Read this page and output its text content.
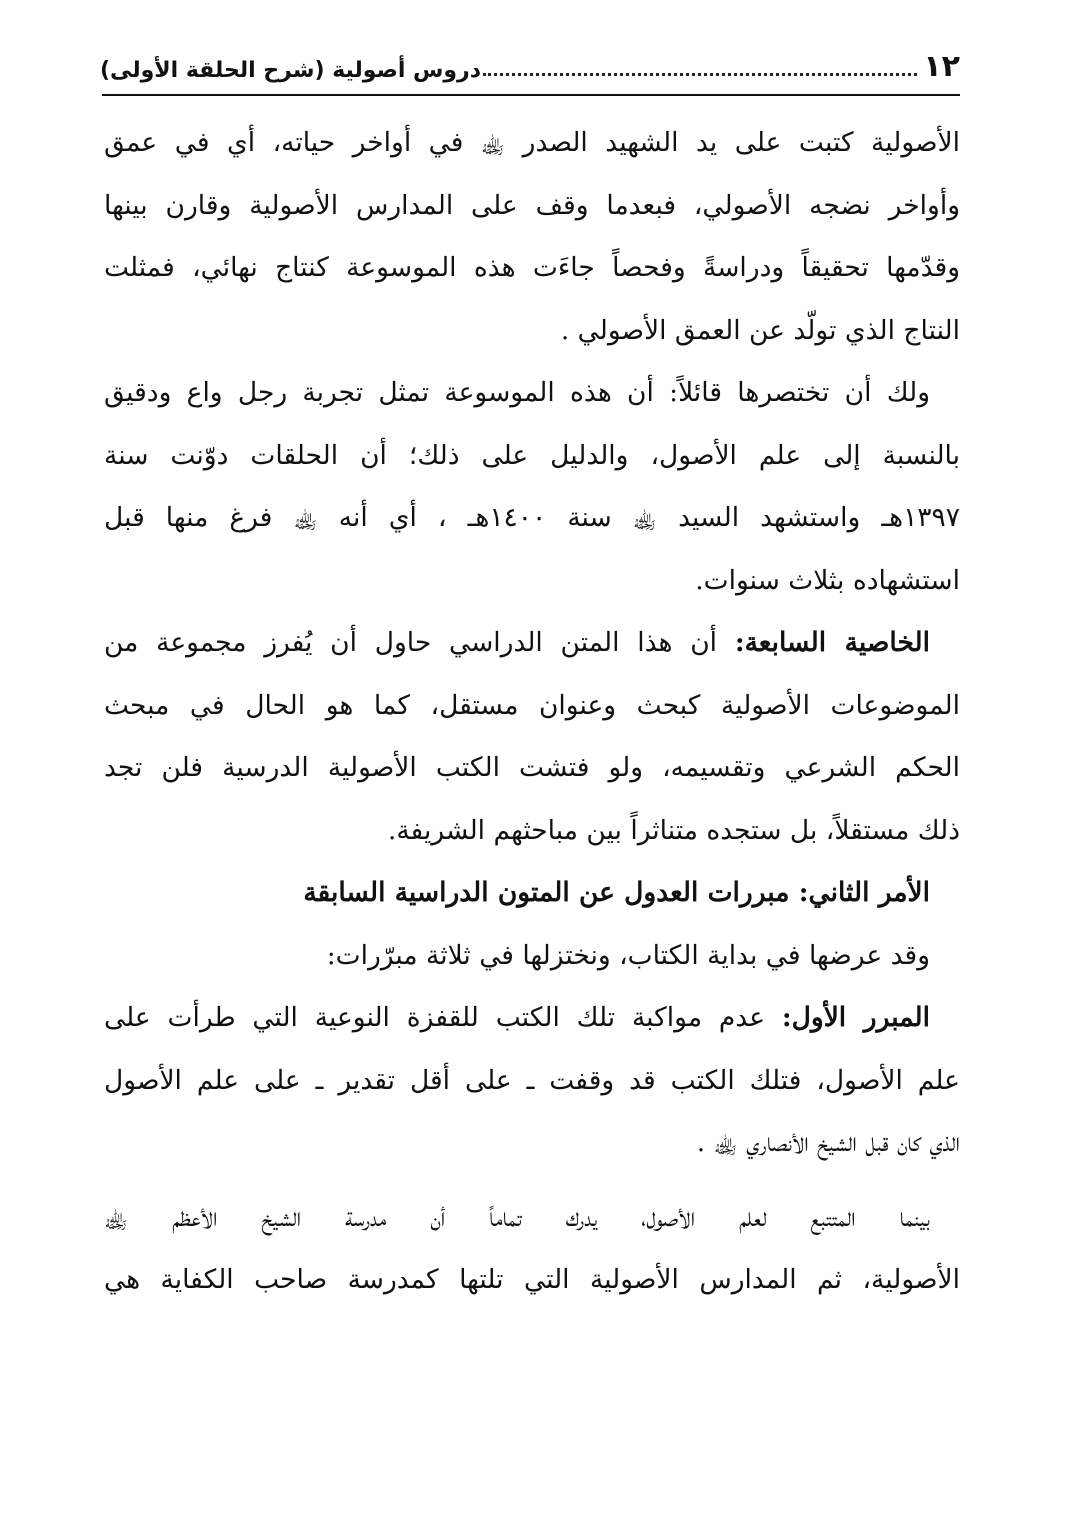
١٢
دروس أصولية (شرح الحلقة الأولى)
الأصولية كتبت على يد الشهيد الصدر ﵀ في أواخر حياته، أي في عمق
وأواخر نضجه الأصولي، فبعدما وقف على المدارس الأصولية وقارن بينها
وقدّمها تحقيقاً ودراسةً وفحصاً جاءَت هذه الموسوعة كنتاج نهائي، فمثلت
النتاج الذي تولّد عن العمق الأصولي .
ولك أن تختصرها قائلاً: أن هذه الموسوعة تمثل تجربة رجل واع ودقيق
بالنسبة إلى علم الأصول، والدليل على ذلك؛ أن الحلقات دوّنت سنة
١٣٩٧هـ واستشهد السيد ﵀ سنة ١٤٠٠هـ ، أي أنه ﵀ فرغ منها قبل
استشهاده بثلاث سنوات.
الخاصية السابعة: أن هذا المتن الدراسي حاول أن يُفرز مجموعة من
الموضوعات الأصولية كبحث وعنوان مستقل، كما هو الحال في مبحث
الحكم الشرعي وتقسيمه، ولو فتشت الكتب الأصولية الدرسية فلن تجد
ذلك مستقلاً، بل ستجده متناثراً بين مباحثهم الشريفة.
الأمر الثاني: مبررات العدول عن المتون الدراسية السابقة
وقد عرضها في بداية الكتاب، ونختزلها في ثلاثة مبرّرات:
المبرر الأول: عدم مواكبة تلك الكتب للقفزة النوعية التي طرأت على
علم الأصول، فتلك الكتب قد وقفت ـ على أقل تقدير ـ على علم الأصول
الذي كان قبل الشيخ الأنصاري ﵀ .
بينما المتتبع لعلم الأصول، يدرك تماماً أن مدرسة الشيخ الأعظم ﵀
الأصولية، ثم المدارس الأصولية التي تلتها كمدرسة صاحب الكفاية هي
